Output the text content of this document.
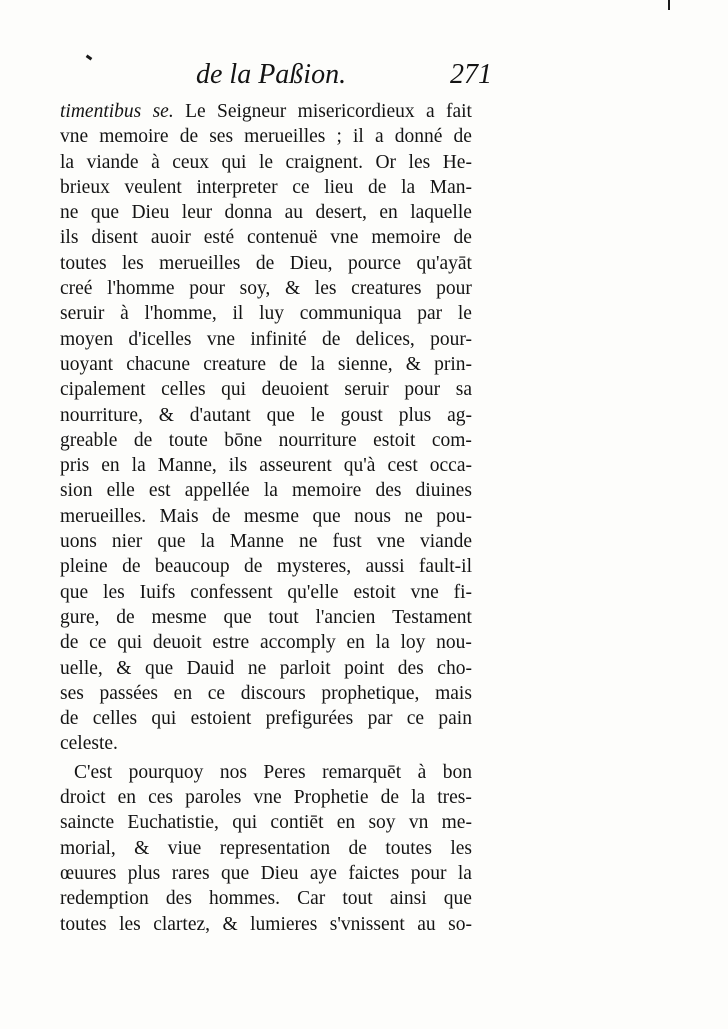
de la Paßion.	271
timentibus se. Le Seigneur misericordieux a fait
vne memoire de ses merueilles ; il a donné de
la viande à ceux qui le craignent. Or les He-
brieux veulent interpreter ce lieu de la Man-
ne que Dieu leur donna au desert, en laquelle
ils disent auoir esté contenuë vne memoire de
toutes les merueilles de Dieu, pource qu'ayāt
creé l'homme pour soy, & les creatures pour
seruir à l'homme, il luy communiqua par le
moyen d'icelles vne infinité de delices, pour-
uoyant chacune creature de la sienne, & prin-
cipalement celles qui deuoient seruir pour sa
nourriture, & d'autant que le goust plus ag-
greable de toute bōne nourriture estoit com-
pris en la Manne, ils asseurent qu'à cest occa-
sion elle est appellée la memoire des diuines
merueilles. Mais de mesme que nous ne pou-
uons nier que la Manne ne fust vne viande
pleine de beaucoup de mysteres, aussi fault-il
que les Iuifs confessent qu'elle estoit vne fi-
gure, de mesme que tout l'ancien Testament
de ce qui deuoit estre accomply en la loy nou-
uelle, & que Dauid ne parloit point des cho-
ses passées en ce discours prophetique, mais
de celles qui estoient prefigurées par ce pain
celeste.
C'est pourquoy nos Peres remarquēt à bon
droict en ces paroles vne Prophetie de la tres-
saincte Euchatistie, qui contiēt en soy vn me-
morial, & viue representation de toutes les
œuures plus rares que Dieu aye faictes pour la
redemption des hommes. Car tout ainsi que
toutes les clartez, & lumieres s'vnissent au so-
